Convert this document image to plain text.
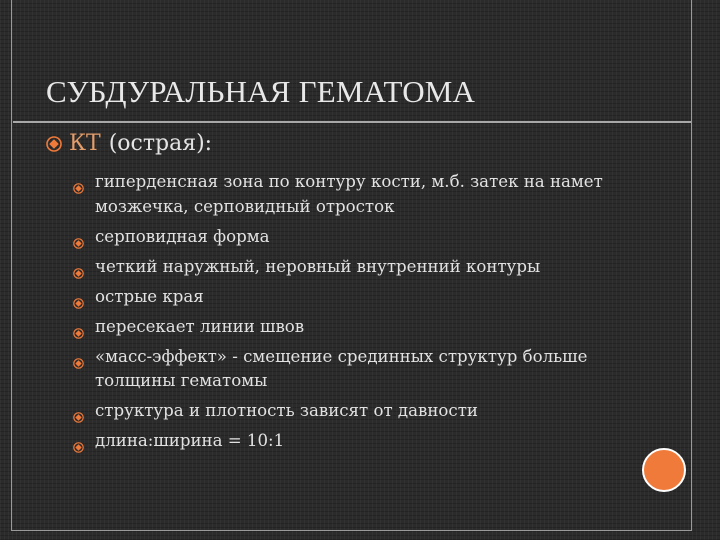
СУБДУРАЛЬНАЯ ГЕМАТОМА
КТ (острая):
гиперденсная зона по контуру кости, м.б. затек на намет мозжечка, серповидный отросток
серповидная форма
четкий наружный, неровный внутренний контуры
острые края
пересекает линии швов
«масс-эффект» - смещение срединных структур больше толщины гематомы
структура и плотность зависят от давности
длина:ширина = 10:1
